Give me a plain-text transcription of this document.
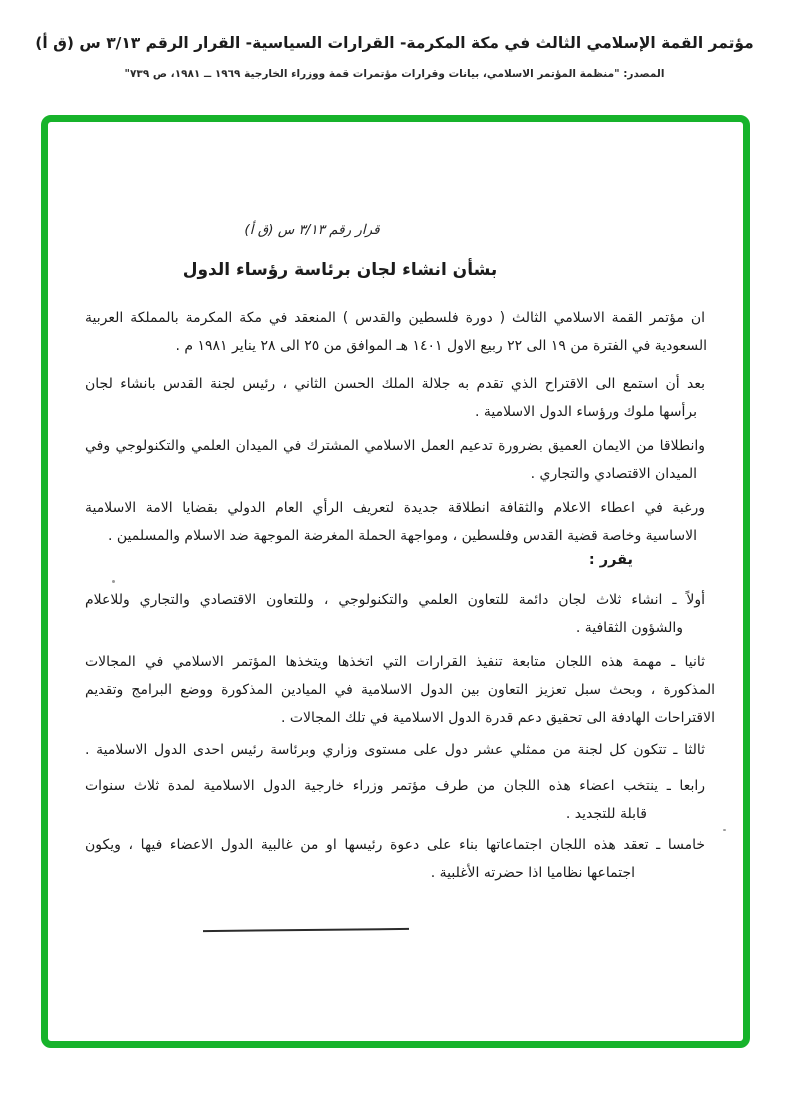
مؤتمر القمة الإسلامي الثالث في مكة المكرمة- القرارات السياسية- القرار الرقم ٣/١٣ س (ق أ)
المصدر: "منظمة المؤتمر الاسلامي، بيانات وقرارات مؤتمرات قمة ووزراء الخارجية ١٩٦٩ ــ ١٩٨١، ص ٧٣٩"
قرار رقم ٣/١٣ س (ق أ)
بشأن انشاء لجان برئاسة رؤساء الدول
ان مؤتمر القمة الاسلامي الثالث ( دورة فلسطين والقدس ) المنعقد في مكة المكرمة بالمملكة العربية
السعودية في الفترة من ١٩ الى ٢٢ ربيع الاول ١٤٠١ هـ الموافق من ٢٥ الى ٢٨ يناير ١٩٨١ م .
بعد أن استمع الى الاقتراح الذي تقدم به جلالة الملك الحسن الثاني ، رئيس لجنة القدس بانشاء لجان
برأسها ملوك ورؤساء الدول الاسلامية .
وانطلاقا من الايمان العميق بضرورة تدعيم العمل الاسلامي المشترك في الميدان العلمي والتكنولوجي وفي
الميدان الاقتصادي والتجاري .
ورغبة في اعطاء الاعلام والثقافة انطلاقة جديدة لتعريف الرأي العام الدولي بقضايا الامة الاسلامية
الاساسية وخاصة قضية القدس وفلسطين ، ومواجهة الحملة المغرضة الموجهة ضد الاسلام والمسلمين .
يقرر :
أولاً ـ انشاء ثلاث لجان دائمة للتعاون العلمي والتكنولوجي ، وللتعاون الاقتصادي والتجاري وللاعلام
والشؤون الثقافية .
ثانيا ـ مهمة هذه اللجان متابعة تنفيذ القرارات التي اتخذها ويتخذها المؤتمر الاسلامي في المجالات
المذكورة ، وبحث سبل تعزيز التعاون بين الدول الاسلامية في الميادين المذكورة ووضع البرامج وتقديم
الاقتراحات الهادفة الى تحقيق دعم قدرة الدول الاسلامية في تلك المجالات .
ثالثا ـ تتكون كل لجنة من ممثلي عشر دول على مستوى وزاري وبرئاسة رئيس احدى الدول الاسلامية .
رابعا ـ ينتخب اعضاء هذه اللجان من طرف مؤتمر وزراء خارجية الدول الاسلامية لمدة ثلاث سنوات
قابلة للتجديد .
خامسا ـ تعقد هذه اللجان اجتماعاتها بناء على دعوة رئيسها او من غالبية الدول الاعضاء فيها ، ويكون
اجتماعها نظاميا اذا حضرته الأغلبية .
